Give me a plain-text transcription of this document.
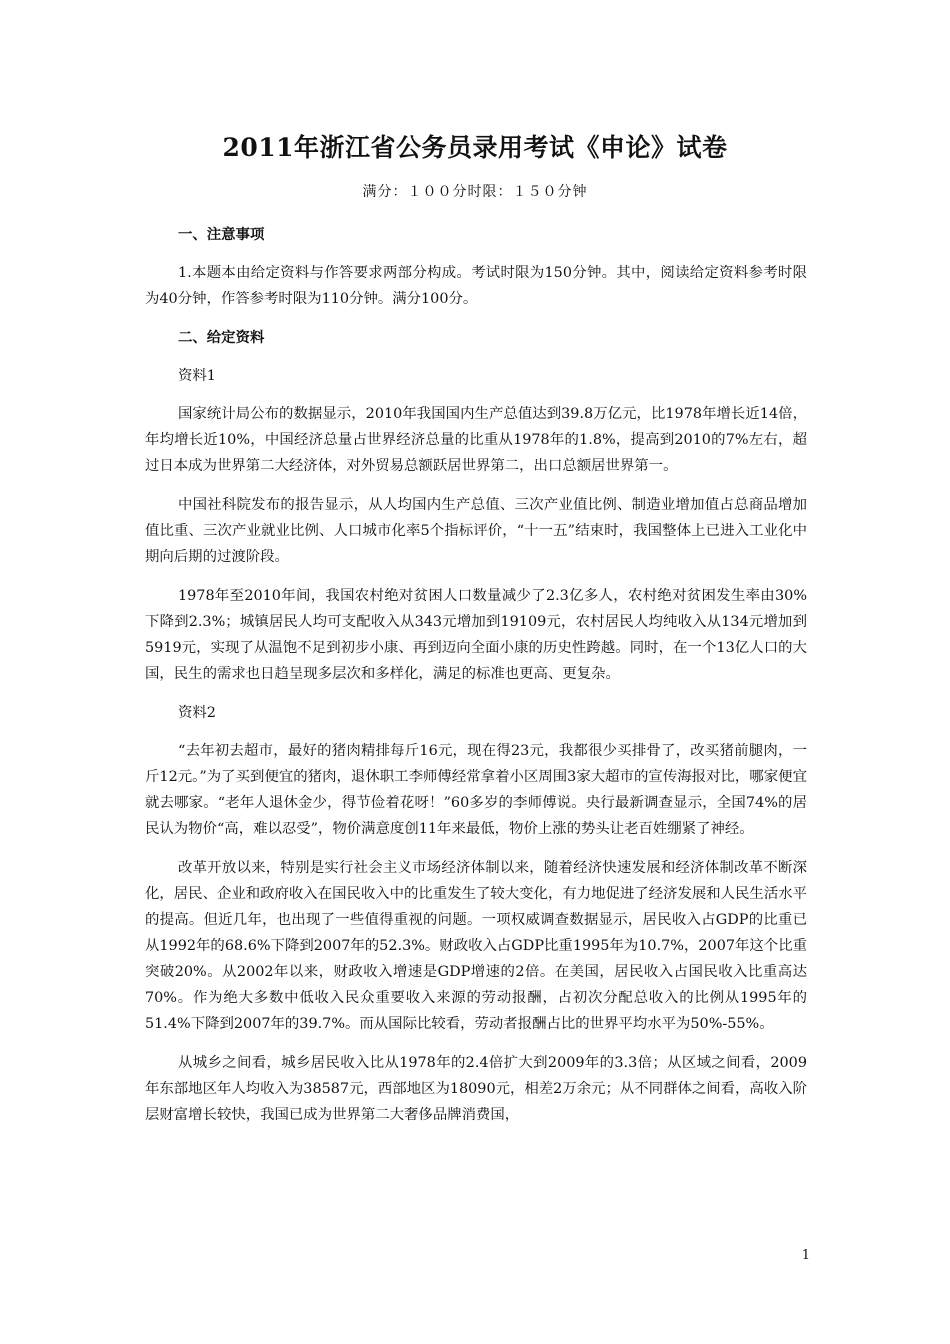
2011年浙江省公务员录用考试《申论》试卷
满分：１００分时限：１５０分钟

一、注意事项

1.本题本由给定资料与作答要求两部分构成。考试时限为150分钟。其中，阅读给定资料参考时限为40分钟，作答参考时限为110分钟。满分100分。

二、给定资料

资料1

国家统计局公布的数据显示，2010年我国国内生产总值达到39.8万亿元，比1978年增长近14倍，年均增长近10%，中国经济总量占世界经济总量的比重从1978年的1.8%，提高到2010的7%左右，超过日本成为世界第二大经济体，对外贸易总额跃居世界第二，出口总额居世界第一。

中国社科院发布的报告显示，从人均国内生产总值、三次产业值比例、制造业增加值占总商品增加值比重、三次产业就业比例、人口城市化率5个指标评价，“十一五”结束时，我国整体上已进入工业化中期向后期的过渡阶段。

1978年至2010年间，我国农村绝对贫困人口数量减少了2.3亿多人，农村绝对贫困发生率由30%下降到2.3%；城镇居民人均可支配收入从343元增加到19109元，农村居民人均纯收入从134元增加到5919元，实现了从温饱不足到初步小康、再到迈向全面小康的历史性跨越。同时，在一个13亿人口的大国，民生的需求也日趋呈现多层次和多样化，满足的标准也更高、更复杂。

资料2

“去年初去超市，最好的猪肉精排每斤16元，现在得23元，我都很少买排骨了，改买猪前腿肉，一斤12元。”为了买到便宜的猪肉，退休职工李师傅经常拿着小区周围3家大超市的宣传海报对比，哪家便宜就去哪家。“老年人退休金少，得节俭着花呀！”60多岁的李师傅说。央行最新调查显示，全国74%的居民认为物价“高，难以忍受”，物价满意度创11年来最低，物价上涨的势头让老百姓绷紧了神经。

改革开放以来，特别是实行社会主义市场经济体制以来，随着经济快速发展和经济体制改革不断深化，居民、企业和政府收入在国民收入中的比重发生了较大变化，有力地促进了经济发展和人民生活水平的提高。但近几年，也出现了一些值得重视的问题。一项权威调查数据显示，居民收入占GDP的比重已从1992年的68.6%下降到2007年的52.3%。财政收入占GDP比重1995年为10.7%，2007年这个比重突破20%。从2002年以来，财政收入增速是GDP增速的2倍。在美国，居民收入占国民收入比重高达70%。作为绝大多数中低收入民众重要收入来源的劳动报酬，占初次分配总收入的比例从1995年的51.4%下降到2007年的39.7%。而从国际比较看，劳动者报酬占比的世界平均水平为50%-55%。

从城乡之间看，城乡居民收入比从1978年的2.4倍扩大到2009年的3.3倍；从区域之间看，2009年东部地区年人均收入为38587元，西部地区为18090元，相差2万余元；从不同群体之间看，高收入阶层财富增长较快，我国已成为世界第二大奢侈品牌消费国，

1
